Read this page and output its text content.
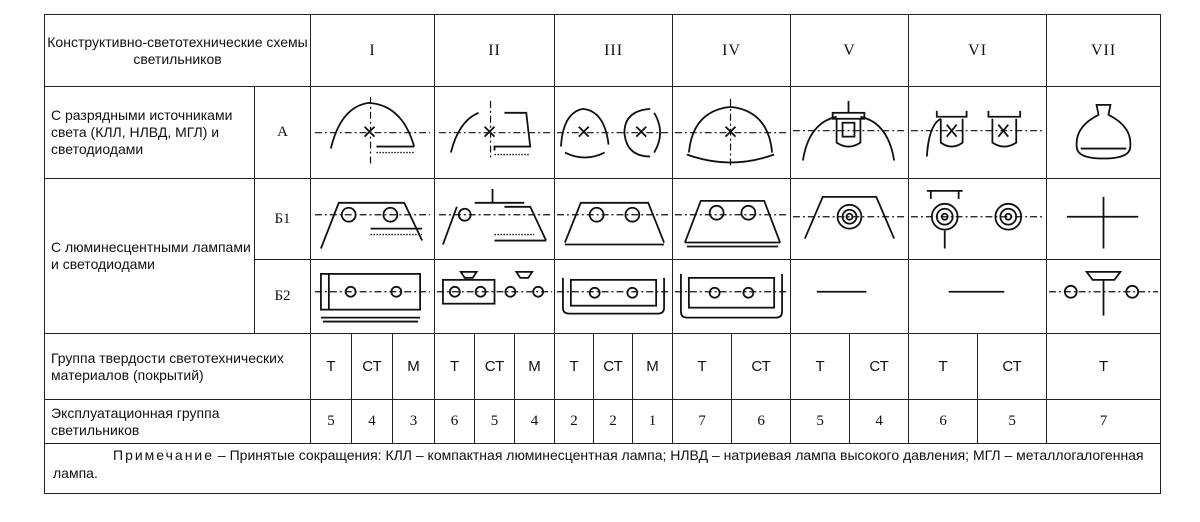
Конструктивно-светотехнические схемы светильников		I			II			III			IV		V		VI		VII
С разрядными источниками света (КЛЛ, НЛВД, МГЛ) и светодиодами	А	

С люминесцентными лампами и светодиодами	Б1	

	Б2	

Группа твердости светотехнических материалов (покрытий)		Т	СТ	М	Т	СТ	М	Т	СТ	М	Т	СТ	Т	СТ	Т	СТ	Т
Эксплуатационная группа светильников		5	4	3	6	5	4	2	2	1	7	6	5	4	6	5	7
Примечание – Принятые сокращения: КЛЛ – компактная люминесцентная лампа; НЛВД – натриевая лампа высокого давления; МГЛ – металлогалогенная лампа.																	
